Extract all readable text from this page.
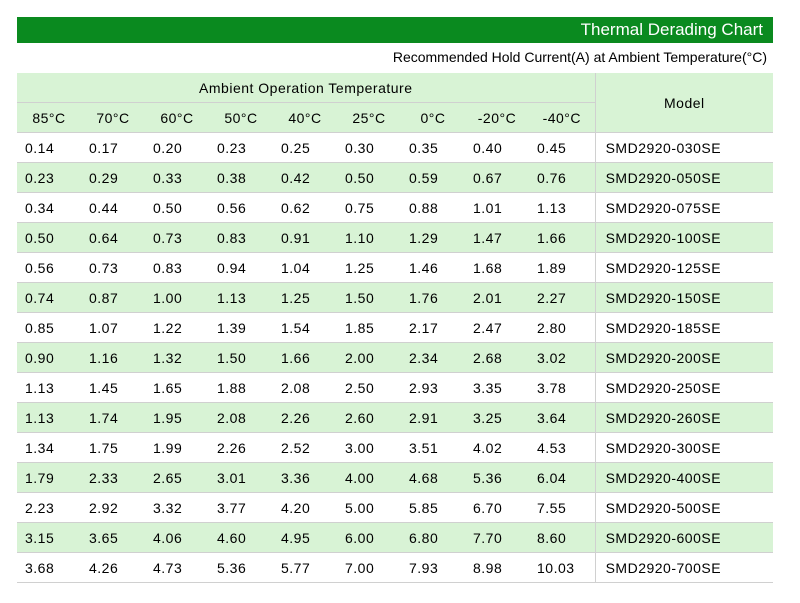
Thermal Derading Chart
Recommended Hold Current(A) at Ambient Temperature(°C)
Ambient Operation Temperature									Model
85°C	70°C	60°C	50°C	40°C	25°C	0°C	-20°C	-40°C	
0.14	0.17	0.20	0.23	0.25	0.30	0.35	0.40	0.45	SMD2920-030SE
0.23	0.29	0.33	0.38	0.42	0.50	0.59	0.67	0.76	SMD2920-050SE
0.34	0.44	0.50	0.56	0.62	0.75	0.88	1.01	1.13	SMD2920-075SE
0.50	0.64	0.73	0.83	0.91	1.10	1.29	1.47	1.66	SMD2920-100SE
0.56	0.73	0.83	0.94	1.04	1.25	1.46	1.68	1.89	SMD2920-125SE
0.74	0.87	1.00	1.13	1.25	1.50	1.76	2.01	2.27	SMD2920-150SE
0.85	1.07	1.22	1.39	1.54	1.85	2.17	2.47	2.80	SMD2920-185SE
0.90	1.16	1.32	1.50	1.66	2.00	2.34	2.68	3.02	SMD2920-200SE
1.13	1.45	1.65	1.88	2.08	2.50	2.93	3.35	3.78	SMD2920-250SE
1.13	1.74	1.95	2.08	2.26	2.60	2.91	3.25	3.64	SMD2920-260SE
1.34	1.75	1.99	2.26	2.52	3.00	3.51	4.02	4.53	SMD2920-300SE
1.79	2.33	2.65	3.01	3.36	4.00	4.68	5.36	6.04	SMD2920-400SE
2.23	2.92	3.32	3.77	4.20	5.00	5.85	6.70	7.55	SMD2920-500SE
3.15	3.65	4.06	4.60	4.95	6.00	6.80	7.70	8.60	SMD2920-600SE
3.68	4.26	4.73	5.36	5.77	7.00	7.93	8.98	10.03	SMD2920-700SE
